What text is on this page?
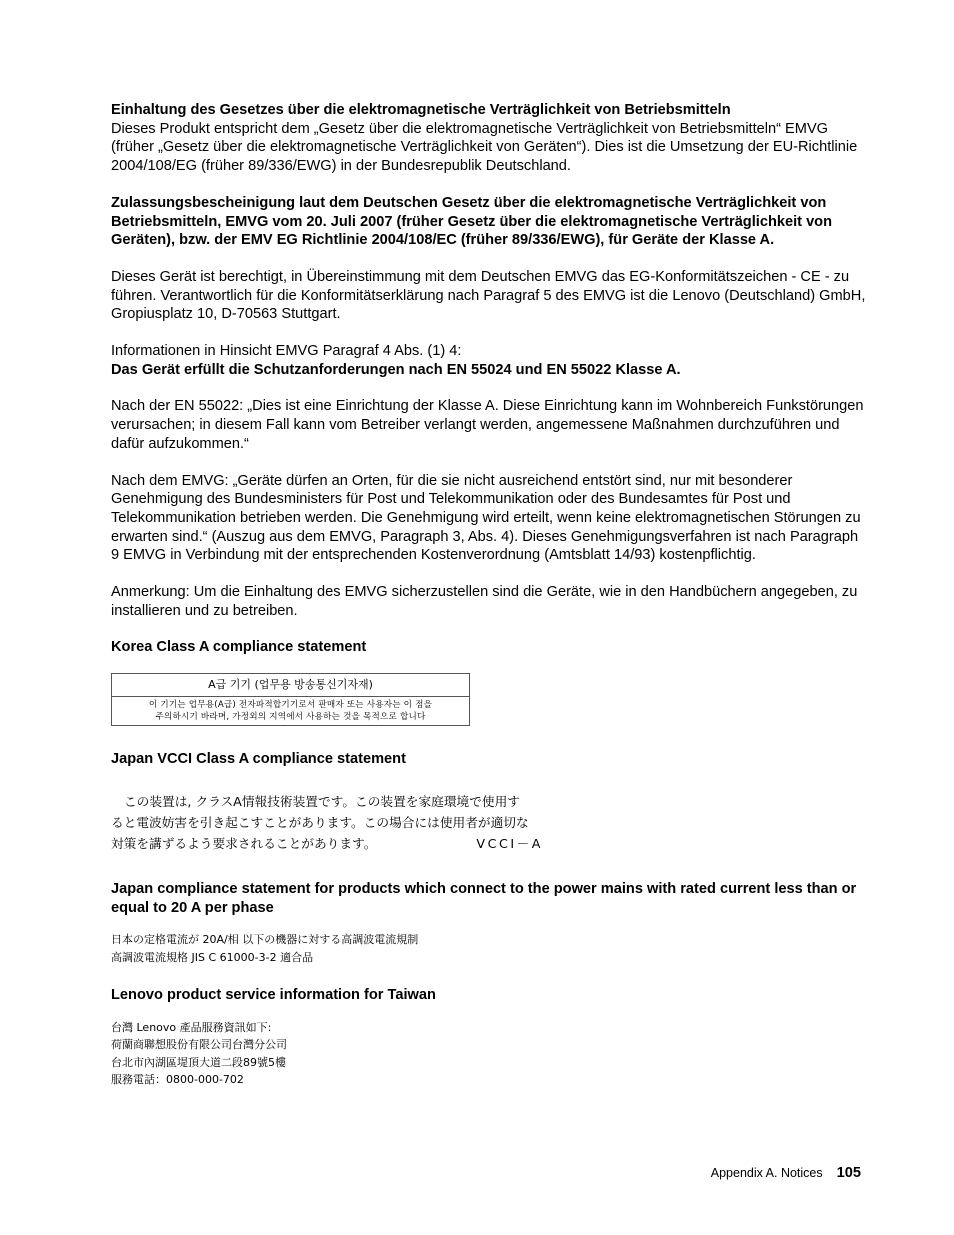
Einhaltung des Gesetzes über die elektromagnetische Verträglichkeit von Betriebsmitteln

Dieses Produkt entspricht dem „Gesetz über die elektromagnetische Verträglichkeit von Betriebsmitteln“ EMVG (früher „Gesetz über die elektromagnetische Verträglichkeit von Geräten“). Dies ist die Umsetzung der EU-Richtlinie 2004/108/EG (früher 89/336/EWG) in der Bundesrepublik Deutschland.

Zulassungsbescheinigung laut dem Deutschen Gesetz über die elektromagnetische Verträglichkeit von Betriebsmitteln, EMVG vom 20. Juli 2007 (früher Gesetz über die elektromagnetische Verträglichkeit von Geräten), bzw. der EMV EG Richtlinie 2004/108/EC (früher 89/336/EWG), für Geräte der Klasse A.

Dieses Gerät ist berechtigt, in Übereinstimmung mit dem Deutschen EMVG das EG-Konformitätszeichen - CE - zu führen. Verantwortlich für die Konformitätserklärung nach Paragraf 5 des EMVG ist die Lenovo (Deutschland) GmbH, Gropiusplatz 10, D-70563 Stuttgart.

Informationen in Hinsicht EMVG Paragraf 4 Abs. (1) 4:

Das Gerät erfüllt die Schutzanforderungen nach EN 55024 und EN 55022 Klasse A.

Nach der EN 55022: „Dies ist eine Einrichtung der Klasse A. Diese Einrichtung kann im Wohnbereich Funkstörungen verursachen; in diesem Fall kann vom Betreiber verlangt werden, angemessene Maßnahmen durchzuführen und dafür aufzukommen.“

Nach dem EMVG: „Geräte dürfen an Orten, für die sie nicht ausreichend entstört sind, nur mit besonderer Genehmigung des Bundesministers für Post und Telekommunikation oder des Bundesamtes für Post und Telekommunikation betrieben werden. Die Genehmigung wird erteilt, wenn keine elektromagnetischen Störungen zu erwarten sind.“ (Auszug aus dem EMVG, Paragraph 3, Abs. 4). Dieses Genehmigungsverfahren ist nach Paragraph 9 EMVG in Verbindung mit der entsprechenden Kostenverordnung (Amtsblatt 14/93) kostenpflichtig.

Anmerkung: Um die Einhaltung des EMVG sicherzustellen sind die Geräte, wie in den Handbüchern angegeben, zu installieren und zu betreiben.

Korea Class A compliance statement

A급 기기 (업무용 방송통신기자재)
이 기기는 업무용(A급) 전자파적합기기로서 판매자 또는 사용자는 이 점을
주의하시기 바라며, 가정외의 지역에서 사용하는 것을 목적으로 합니다

Japan VCCI Class A compliance statement

この装置は, クラスA情報技術装置です。この装置を家庭環境で使用す
ると電波妨害を引き起こすことがあります。この場合には使用者が適切な
対策を講ずるよう要求されることがあります。	VCCI－A

Japan compliance statement for products which connect to the power mains with rated current less than or equal to 20 A per phase

日本の定格電流が 20A/相 以下の機器に対する高調波電流規制

高調波電流規格 JIS C 61000-3-2 適合品

Lenovo product service information for Taiwan

台灣 Lenovo 產品服務資訊如下:

荷蘭商聯想股份有限公司台灣分公司

台北市內湖區堤頂大道二段89號5樓

服務電話：0800-000-702

Appendix A. Notices 105
